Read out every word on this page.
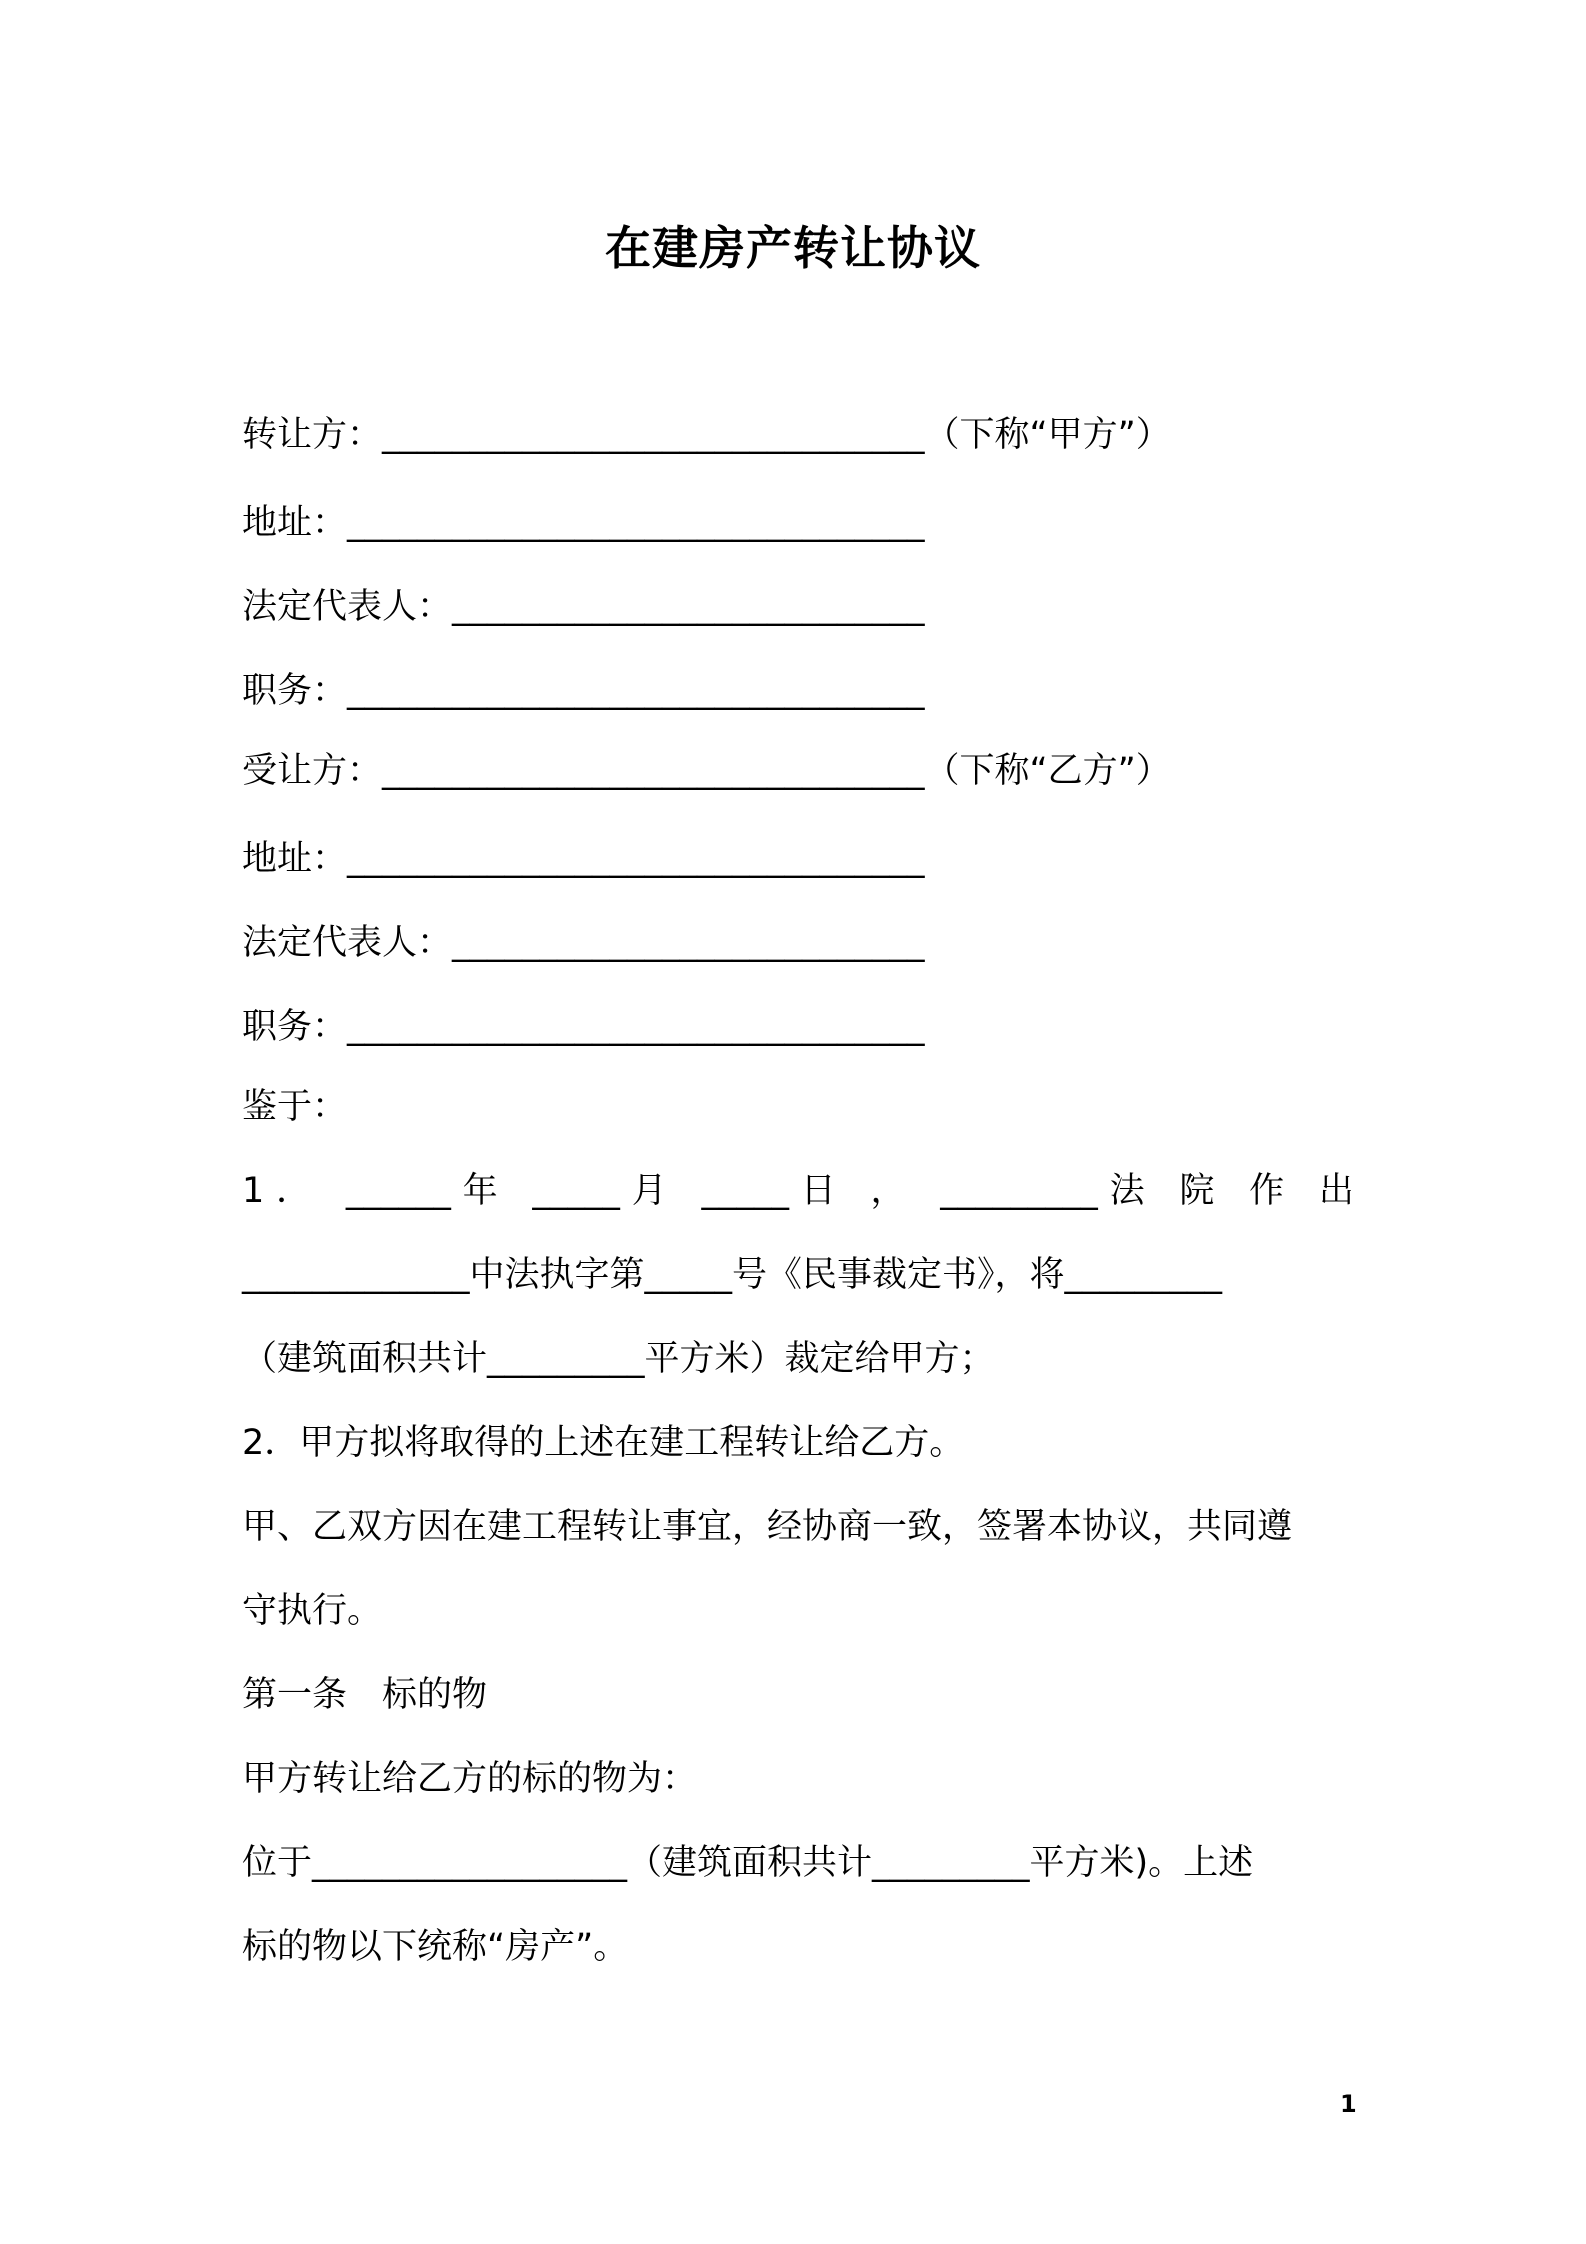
在建房产转让协议
转让方：_______________________________（下称“甲方”）
地址：_________________________________
法定代表人：___________________________
职务：_________________________________
受让方：_______________________________（下称“乙方”）
地址：_________________________________
法定代表人：___________________________
职务：_________________________________
鉴于：
1． ______年 _____月 _____日 ， _________法 院 作 出
_____________中法执字第_____号《民事裁定书》，将_________
（建筑面积共计_________平方米）裁定给甲方；
2．甲方拟将取得的上述在建工程转让给乙方。
甲、乙双方因在建工程转让事宜，经协商一致，签署本协议，共同遵
守执行。
第一条　标的物
甲方转让给乙方的标的物为：
位于__________________（建筑面积共计_________平方米)。上述
标的物以下统称“房产”。
1
